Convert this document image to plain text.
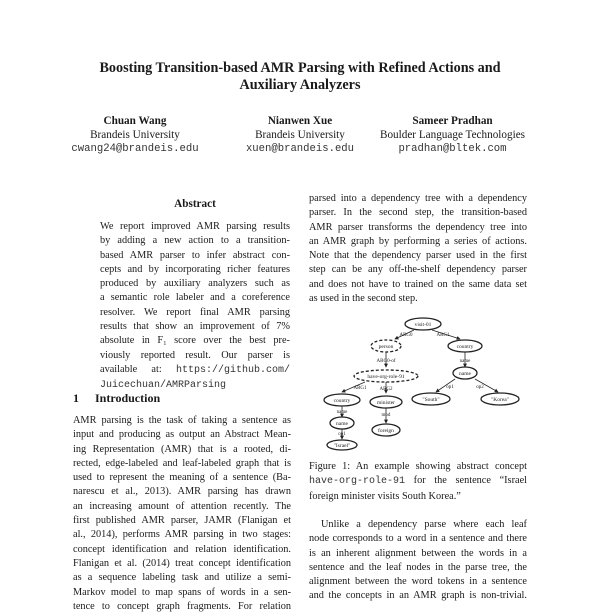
Boosting Transition-based AMR Parsing with Refined Actions and
Auxiliary Analyzers
Chuan Wang
Brandeis University
cwang24@brandeis.edu
Nianwen Xue
Brandeis University
xuen@brandeis.edu
Sameer Pradhan
Boulder Language Technologies
pradhan@bltek.com
Abstract
We report improved AMR parsing results
by adding a new action to a transition-
based AMR parser to infer abstract con-
cepts and by incorporating richer features
produced by auxiliary analyzers such as
a semantic role labeler and a coreference
resolver. We report final AMR parsing
results that show an improvement of 7%
absolute in F₁ score over the best pre-
viously reported result. Our parser is
available at: https://github.com/
Juicechuan/AMRParsing
1 Introduction
AMR parsing is the task of taking a sentence as
input and producing as output an Abstract Mean-
ing Representation (AMR) that is a rooted, di-
rected, edge-labeled and leaf-labeled graph that is
used to represent the meaning of a sentence (Ba-
narescu et al., 2013). AMR parsing has drawn
an increasing amount of attention recently. The
first published AMR parser, JAMR (Flanigan et
al., 2014), performs AMR parsing in two stages:
concept identification and relation identification.
Flanigan et al. (2014) treat concept identification
as a sequence labeling task and utilize a semi-
Markov model to map spans of words in a sen-
tence to concept graph fragments. For relation
parsed into a dependency tree with a dependency
parser. In the second step, the transition-based
AMR parser transforms the dependency tree into
an AMR graph by performing a series of actions.
Note that the dependency parser used in the first
step can be any off-the-shelf dependency parser
and does not have to trained on the same data set
as used in the second step.
visit-01
person	country
have-org-role-91	name
country	minister	"South"	"Korea"
name
foreign
"Israel"
ARG0	ARG1
ARG0-of	name
op1	op2
ARG1	ARG2
name
mod
op1
Figure 1: An example showing abstract concept
have-org-role-91 for the sentence “Israel
foreign minister visits South Korea.”
Unlike a dependency parse where each leaf
node corresponds to a word in a sentence and there
is an inherent alignment between the words in a
sentence and the leaf nodes in the parse tree, the
alignment between the word tokens in a sentence
and the concepts in an AMR graph is non-trivial.
